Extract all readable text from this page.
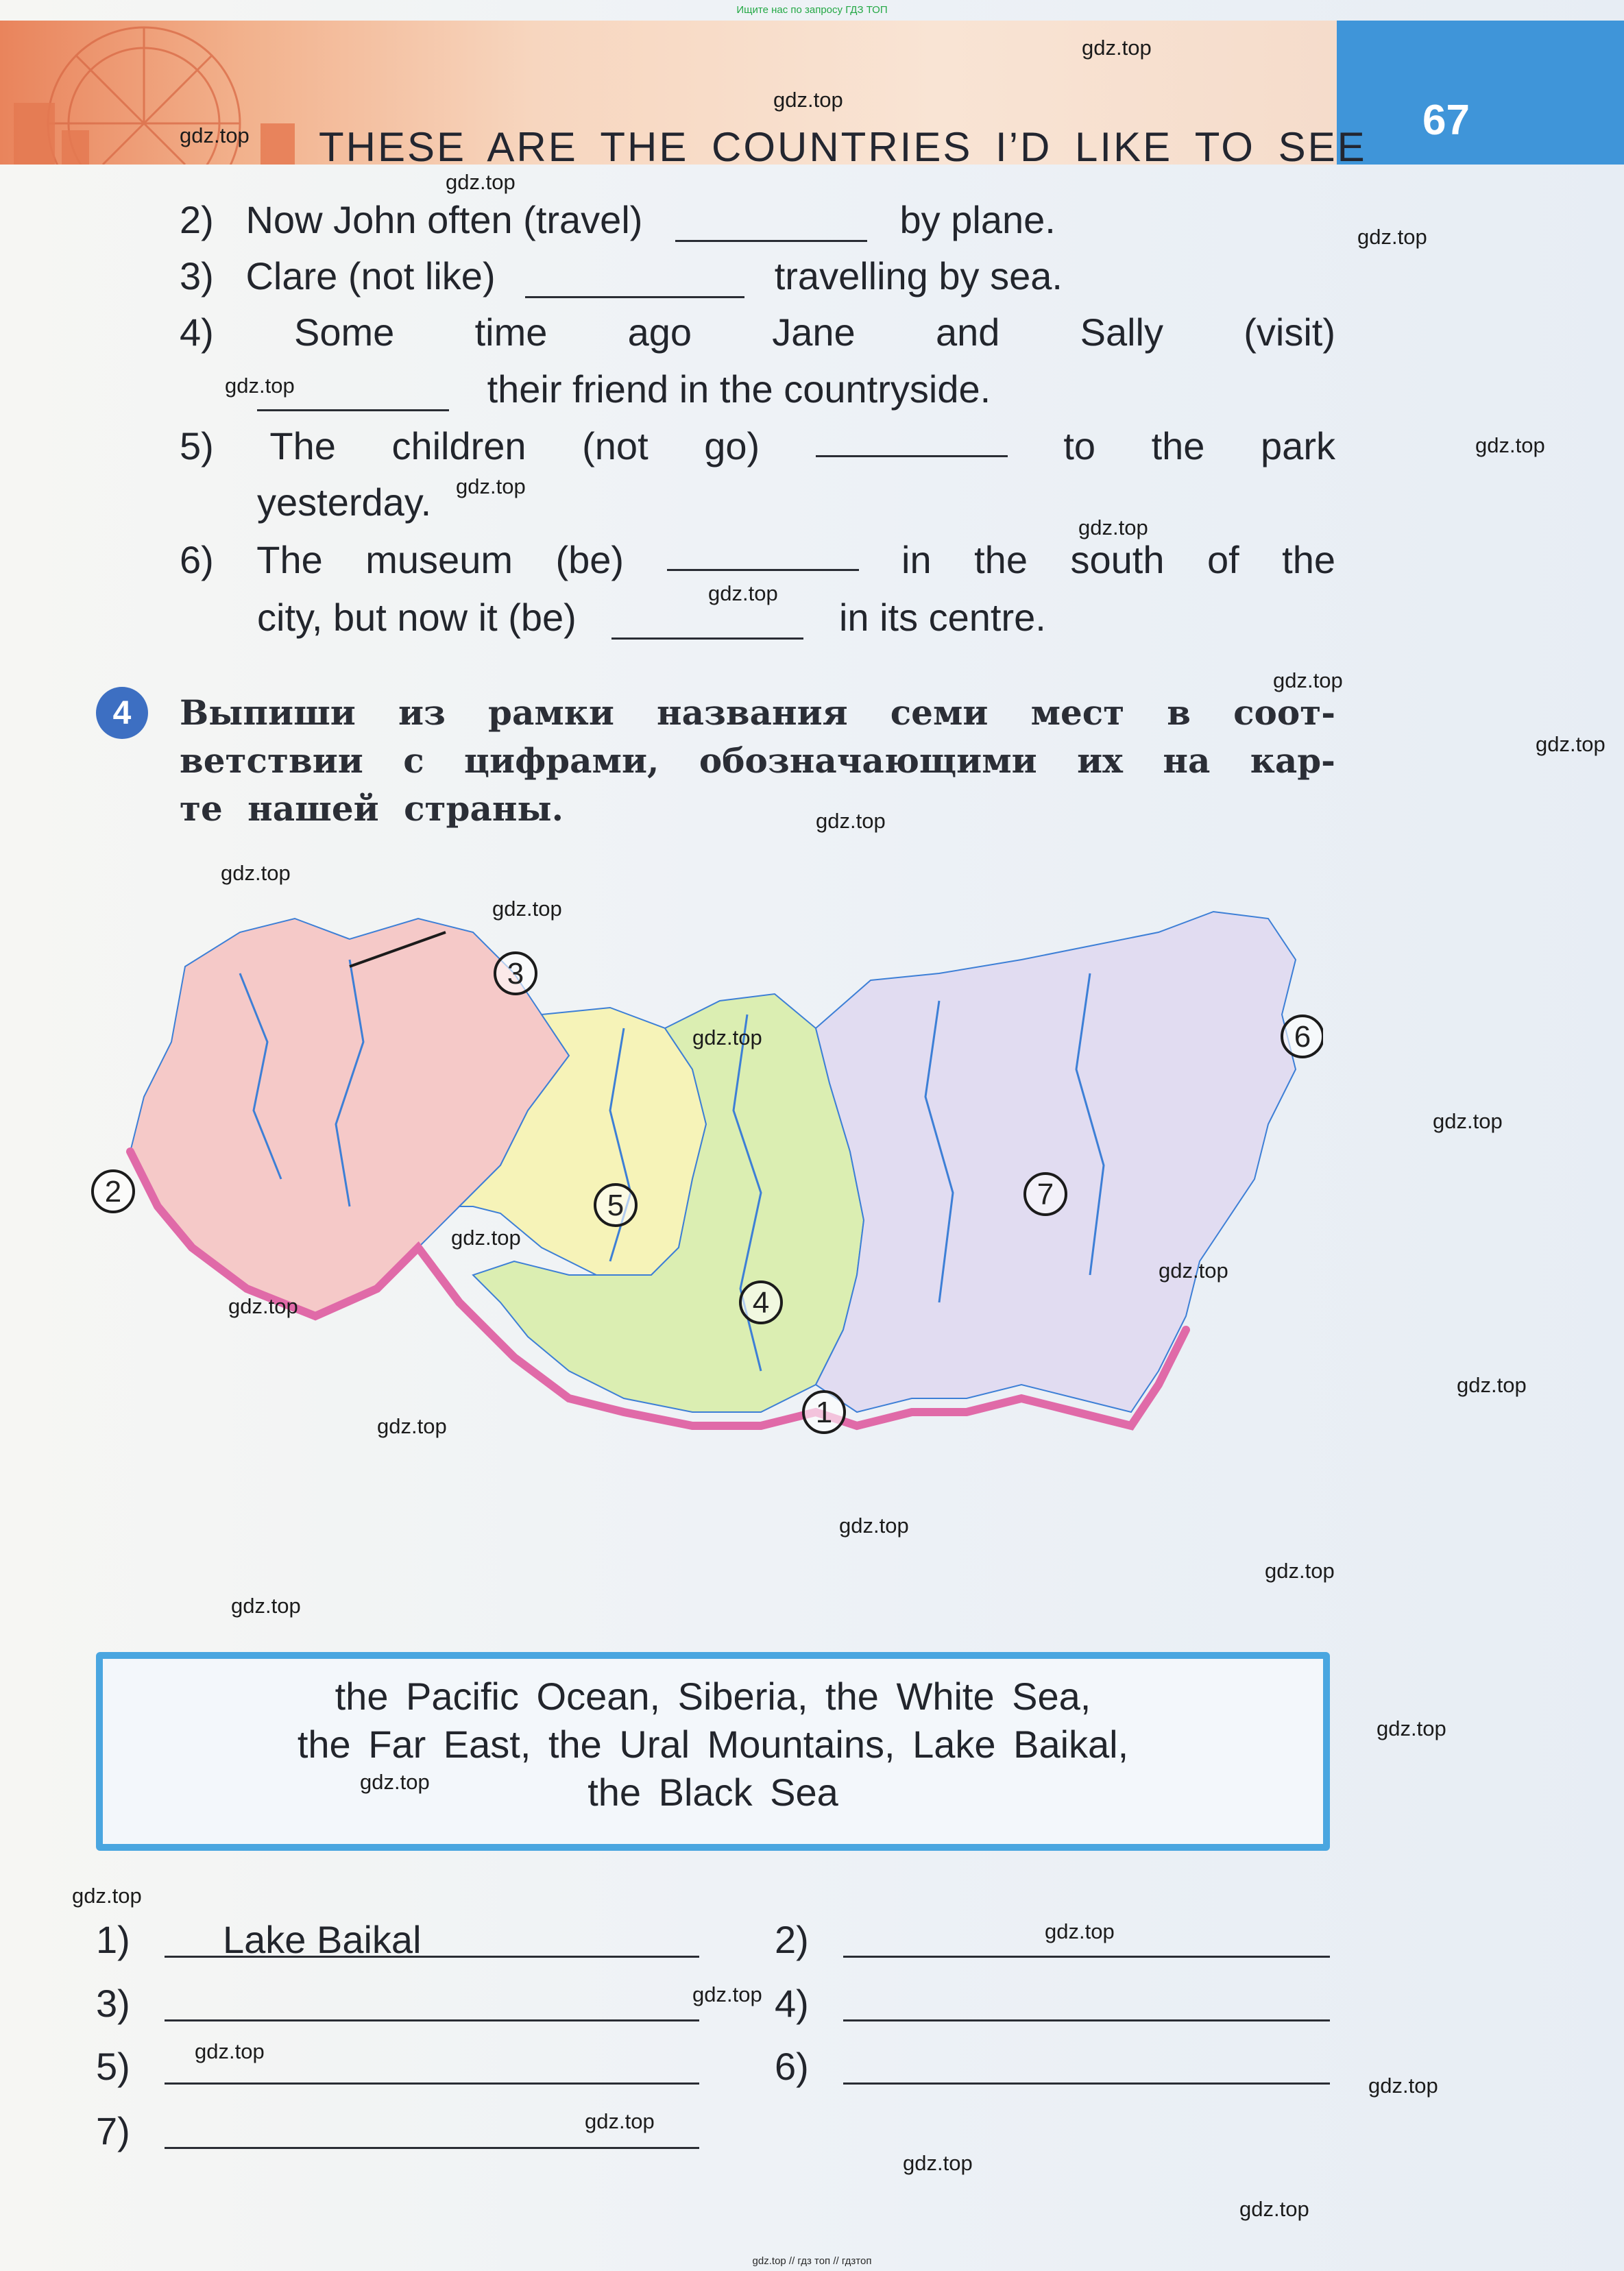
Ищите нас по запросу ГДЗ ТОП
67
THESE ARE THE COUNTRIES I’D LIKE TO SEE
2) Now John often (travel)	by plane.
3) Clare (not like)	travelling by sea.
4) Some time ago Jane and Sally (visit)
their friend in the countryside.
5) The children (not go)	to the park
yesterday.
6) The museum (be)	in the south of the
city, but now it (be)	in its centre.
4	Выпиши из рамки названия семи мест в соот-
ветствии с цифрами, обозначающими их на кар-
те нашей страны.
1
2
3
4
5
6
7
the Pacific Ocean, Siberia, the White Sea,
the Far East, the Ural Mountains, Lake Baikal,
the Black Sea
1) Lake Baikal	2)
3)	4)
5)	6)
7)
gdz.top
gdz.top
gdz.top
gdz.top
gdz.top
gdz.top
gdz.top
gdz.top
gdz.top
gdz.top
gdz.top
gdz.top
gdz.top
gdz.top
gdz.top
gdz.top
gdz.top
gdz.top
gdz.top
gdz.top
gdz.top
gdz.top
gdz.top
gdz.top
gdz.top
gdz.top
gdz.top
gdz.top
gdz.top
gdz.top
gdz.top
gdz.top
gdz.top
gdz.top
gdz.top
gdz.top // гдз топ // гдзтоп
